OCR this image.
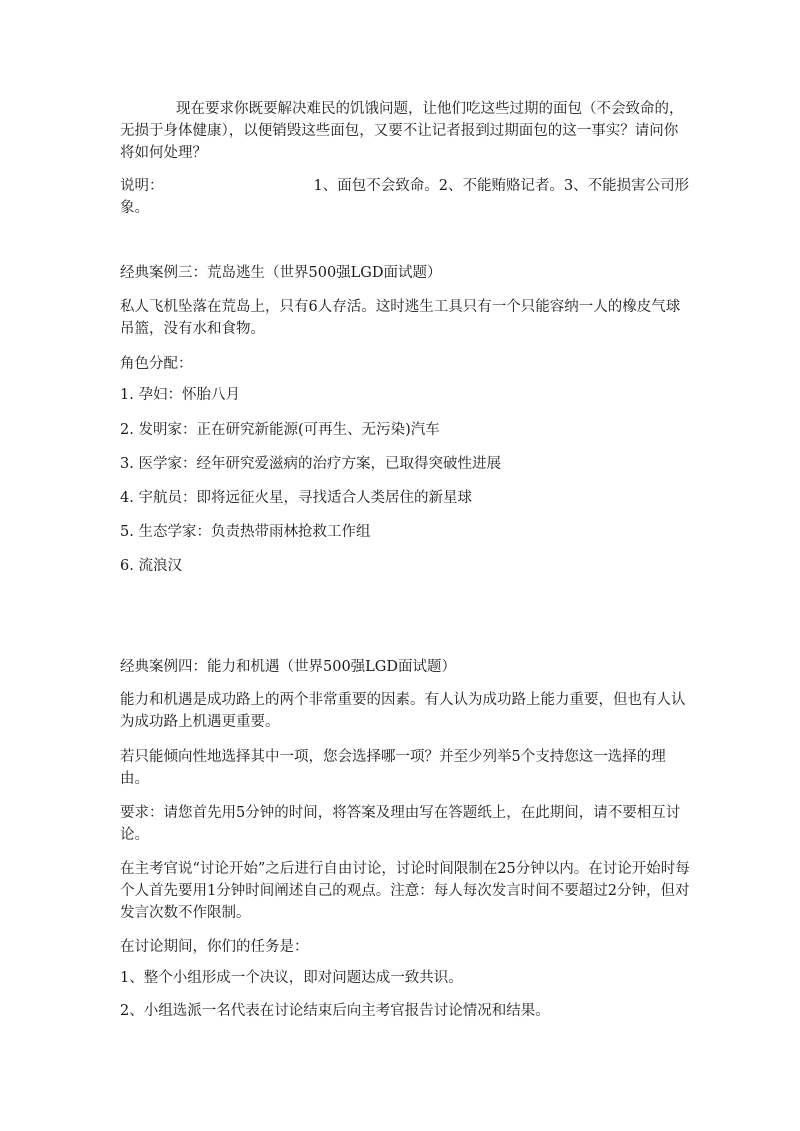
现在要求你既要解决难民的饥饿问题，让他们吃这些过期的面包（不会致命的，无损于身体健康），以便销毁这些面包，又要不让记者报到过期面包的这一事实？请问你将如何处理？

说明：	1、面包不会致命。2、不能贿赂记者。3、不能损害公司形象。

经典案例三：荒岛逃生（世界500强LGD面试题）

私人飞机坠落在荒岛上，只有6人存活。这时逃生工具只有一个只能容纳一人的橡皮气球吊篮，没有水和食物。

角色分配：

1. 孕妇：怀胎八月

2. 发明家：正在研究新能源(可再生、无污染)汽车

3. 医学家：经年研究爱滋病的治疗方案，已取得突破性进展

4. 宇航员：即将远征火星，寻找适合人类居住的新星球

5. 生态学家：负责热带雨林抢救工作组

6. 流浪汉

经典案例四：能力和机遇（世界500强LGD面试题）

能力和机遇是成功路上的两个非常重要的因素。有人认为成功路上能力重要，但也有人认为成功路上机遇更重要。

若只能倾向性地选择其中一项，您会选择哪一项？并至少列举5个支持您这一选择的理由。

要求：请您首先用5分钟的时间，将答案及理由写在答题纸上，在此期间，请不要相互讨论。

在主考官说“讨论开始”之后进行自由讨论，讨论时间限制在25分钟以内。在讨论开始时每个人首先要用1分钟时间阐述自己的观点。注意：每人每次发言时间不要超过2分钟，但对发言次数不作限制。

在讨论期间，你们的任务是：

1、整个小组形成一个决议，即对问题达成一致共识。

2、小组选派一名代表在讨论结束后向主考官报告讨论情况和结果。
